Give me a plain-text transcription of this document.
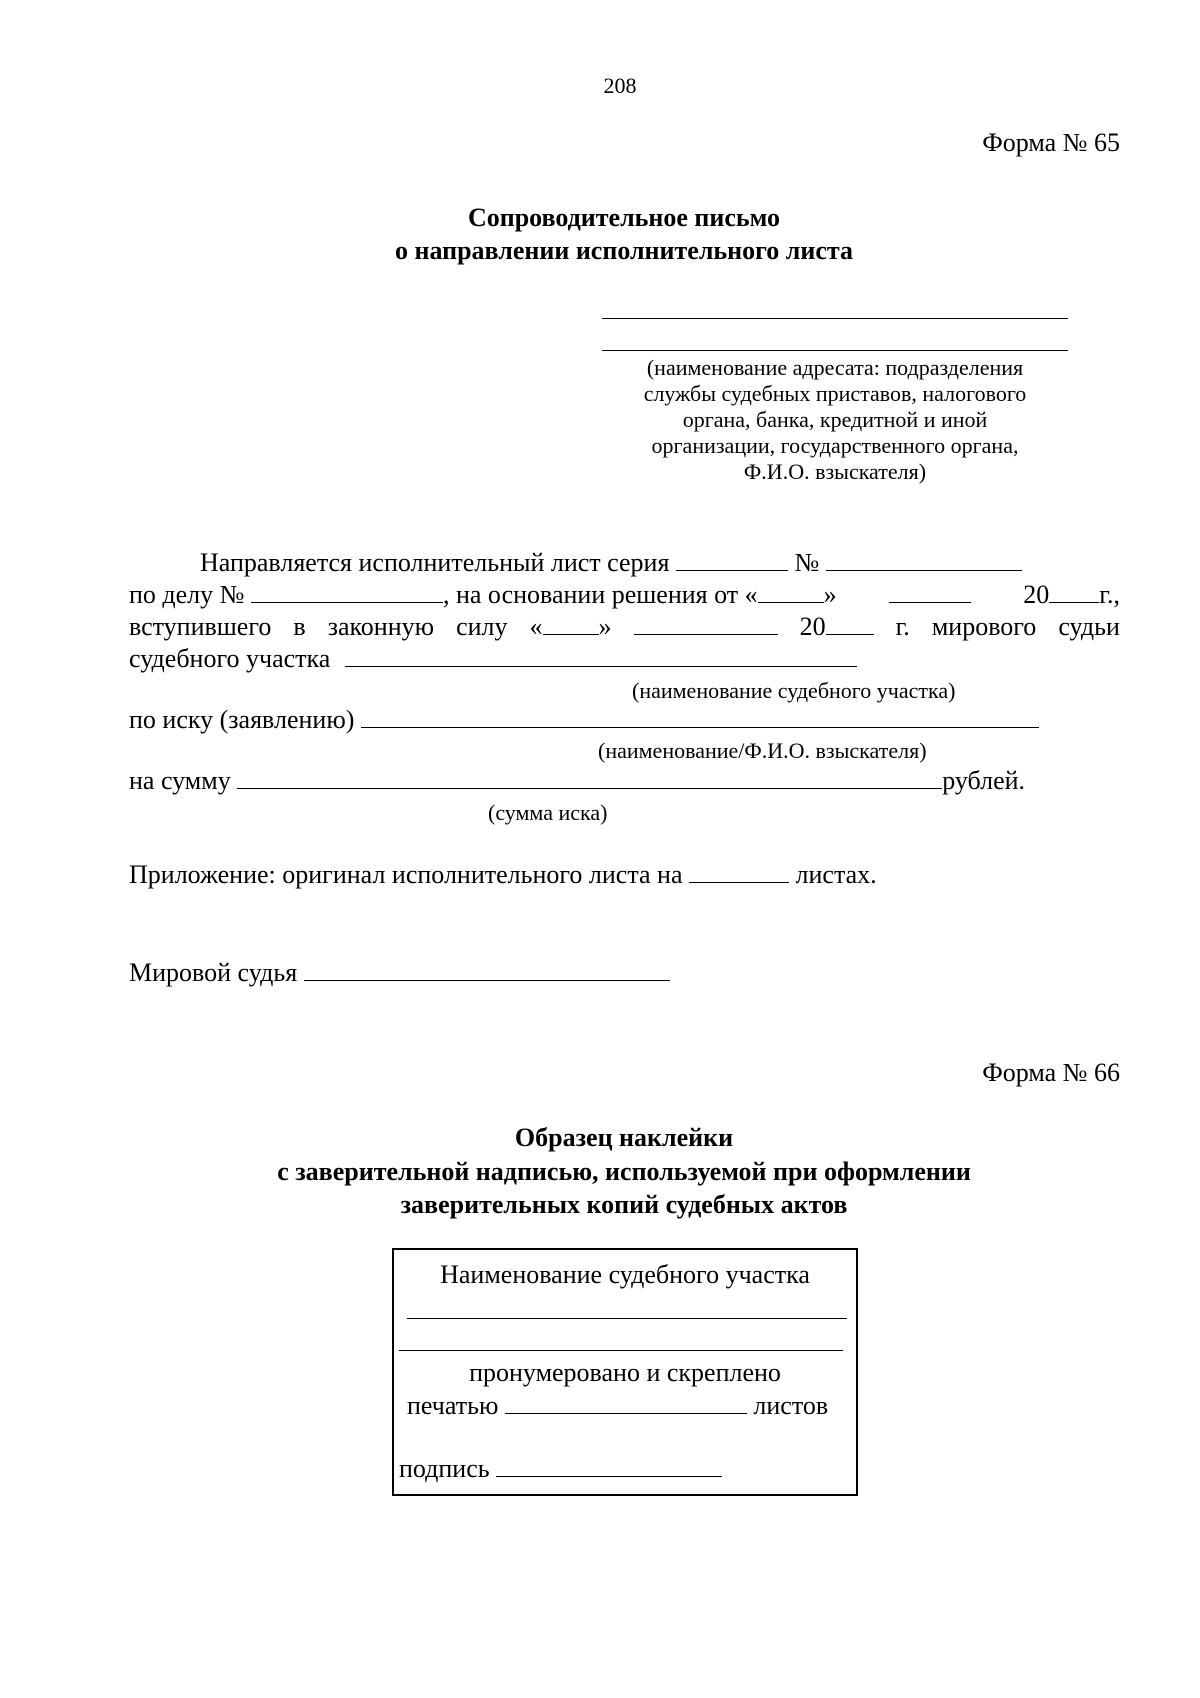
208
Форма № 65
Сопроводительное письмо
о направлении исполнительного листа
(наименование адресата: подразделения
службы судебных приставов, налогового
органа, банка, кредитной и иной
организации, государственного органа,
Ф.И.О. взыскателя)
Направляется исполнительный лист серия	№
по делу №	, на основании решения от «	»	20 г.,
вступившего в законную силу « »	20	г. мирового судьи
судебного участка
(наименование судебного участка)
по иску (заявлению)
(наименование/Ф.И.О. взыскателя)
на сумму	рублей.
(сумма иска)
Приложение: оригинал исполнительного листа на	листах.
Мировой судья
Форма № 66
Образец наклейки
с заверительной надписью, используемой при оформлении
заверительных копий судебных актов
Наименование судебного участка
пронумеровано и скреплено
печатью	листов
подпись
